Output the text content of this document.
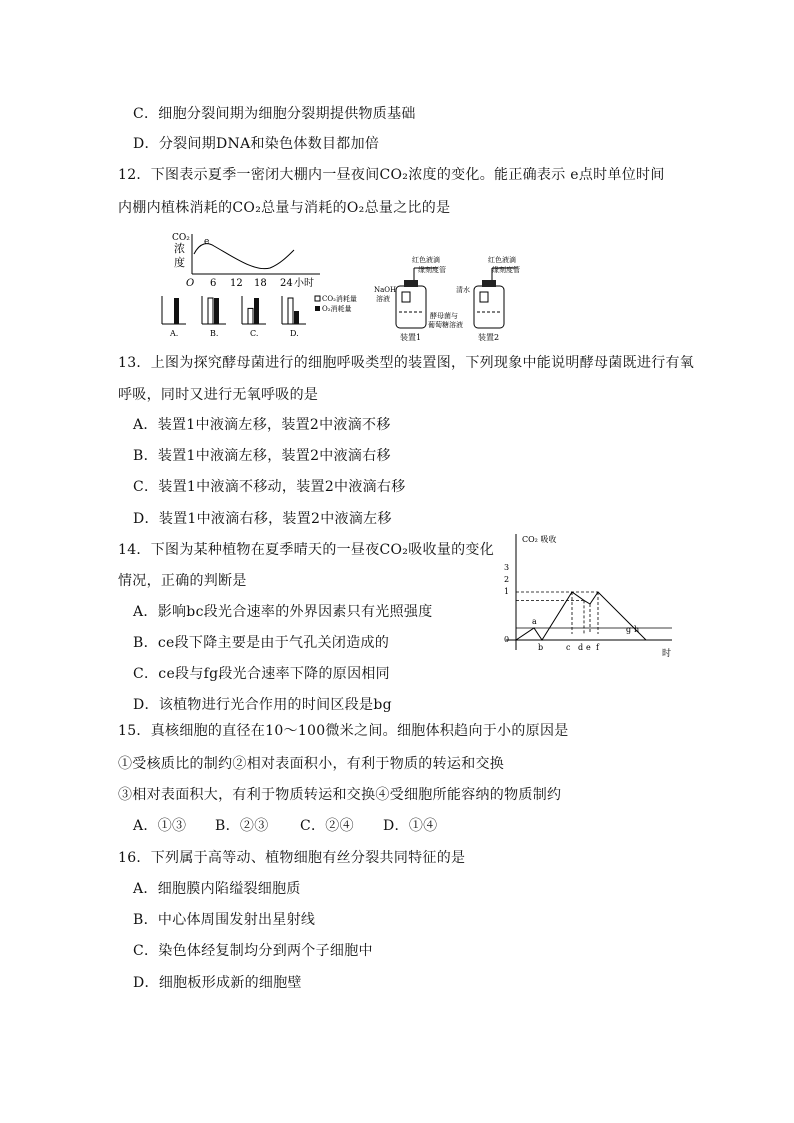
C．细胞分裂间期为细胞分裂期提供物质基础
D．分裂间期DNA和染色体数目都加倍
12．下图表示夏季一密闭大棚内一昼夜间CO₂浓度的变化。能正确表示 e点时单位时间
内棚内植株消耗的CO₂总量与消耗的O₂总量之比的是
CO₂
浓
度
e
O 6 12 18 24 小时
A.	B.	C.	D.
CO₂消耗量
O₂消耗量
红色液滴
缘刻度管
NaOH
溶液
酵母菌与
葡萄糖溶液
装置1
红色液滴
缘刻度管
清水
装置2
13．上图为探究酵母菌进行的细胞呼吸类型的装置图，下列现象中能说明酵母菌既进行有氧
呼吸，同时又进行无氧呼吸的是
A．装置1中液滴左移，装置2中液滴不移
B．装置1中液滴左移，装置2中液滴右移
C．装置1中液滴不移动，装置2中液滴右移
D．装置1中液滴右移，装置2中液滴左移
14．下图为某种植物在夏季晴天的一昼夜CO₂吸收量的变化
情况，正确的判断是
A．影响bc段光合速率的外界因素只有光照强度
B．ce段下降主要是由于气孔关闭造成的
C．ce段与fg段光合速率下降的原因相同
D．该植物进行光合作用的时间区段是bg
CO₂ 吸收
3
2
1
0
时
a
b	c d e f
g h
15．真核细胞的直径在10～100微米之间。细胞体积趋向于小的原因是
①受核质比的制约②相对表面积小，有利于物质的转运和交换
③相对表面积大，有利于物质转运和交换④受细胞所能容纳的物质制约
A．①③ B．②③ C．②④ D．①④
16．下列属于高等动、植物细胞有丝分裂共同特征的是
A．细胞膜内陷缢裂细胞质
B．中心体周围发射出星射线
C．染色体经复制均分到两个子细胞中
D．细胞板形成新的细胞壁
